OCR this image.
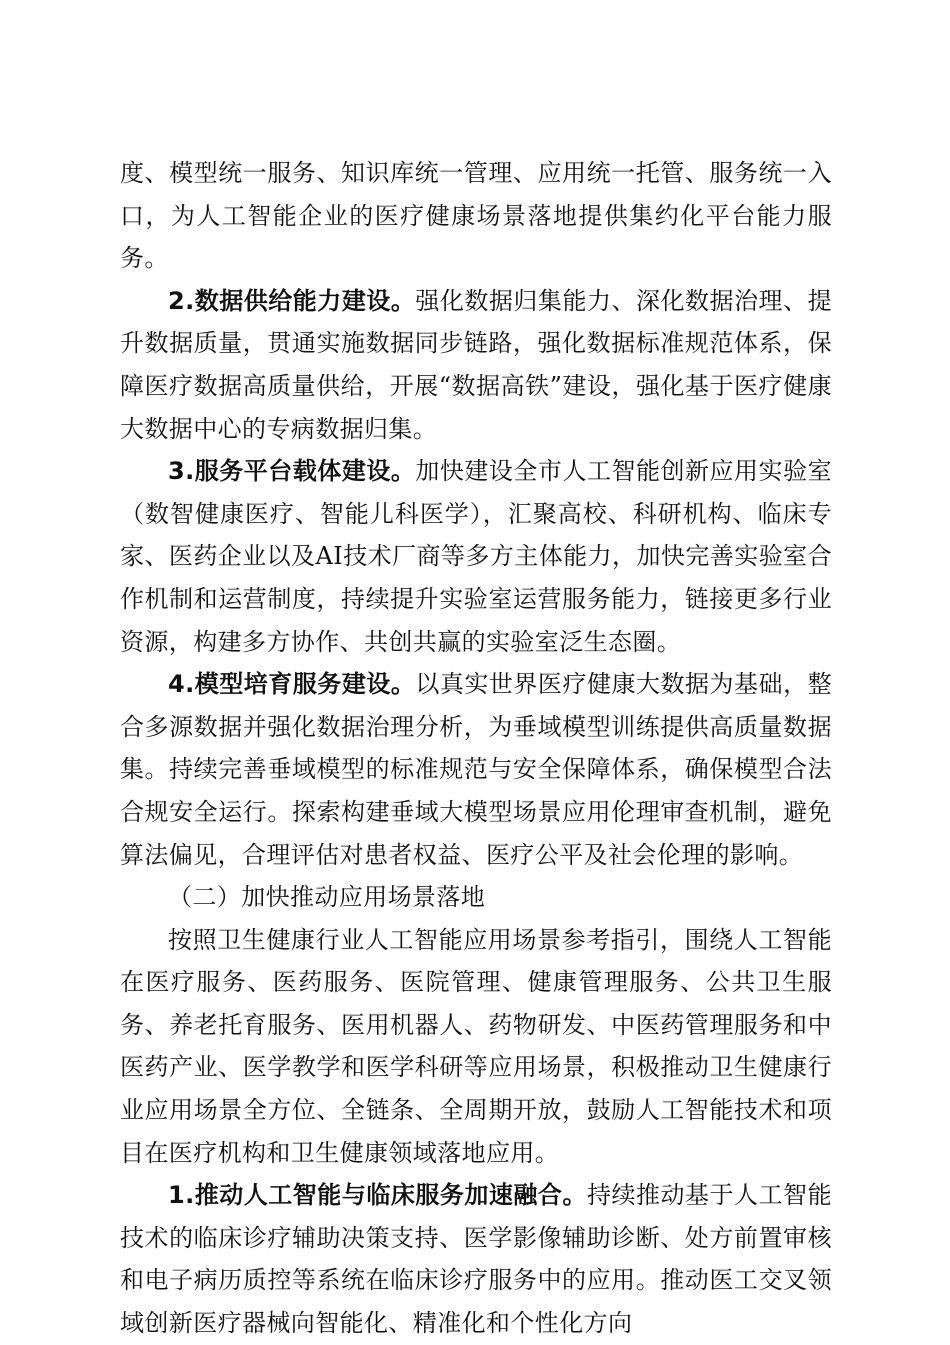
度、模型统一服务、知识库统一管理、应用统一托管、服务统一入口，为人工智能企业的医疗健康场景落地提供集约化平台能力服务。

2.数据供给能力建设。强化数据归集能力、深化数据治理、提升数据质量，贯通实施数据同步链路，强化数据标准规范体系，保障医疗数据高质量供给，开展“数据高铁”建设，强化基于医疗健康大数据中心的专病数据归集。

3.服务平台载体建设。加快建设全市人工智能创新应用实验室（数智健康医疗、智能儿科医学），汇聚高校、科研机构、临床专家、医药企业以及AI技术厂商等多方主体能力，加快完善实验室合作机制和运营制度，持续提升实验室运营服务能力，链接更多行业资源，构建多方协作、共创共赢的实验室泛生态圈。

4.模型培育服务建设。以真实世界医疗健康大数据为基础，整合多源数据并强化数据治理分析，为垂域模型训练提供高质量数据集。持续完善垂域模型的标准规范与安全保障体系，确保模型合法合规安全运行。探索构建垂域大模型场景应用伦理审查机制，避免算法偏见，合理评估对患者权益、医疗公平及社会伦理的影响。

（二）加快推动应用场景落地

按照卫生健康行业人工智能应用场景参考指引，围绕人工智能在医疗服务、医药服务、医院管理、健康管理服务、公共卫生服务、养老托育服务、医用机器人、药物研发、中医药管理服务和中医药产业、医学教学和医学科研等应用场景，积极推动卫生健康行业应用场景全方位、全链条、全周期开放，鼓励人工智能技术和项目在医疗机构和卫生健康领域落地应用。

1.推动人工智能与临床服务加速融合。持续推动基于人工智能技术的临床诊疗辅助决策支持、医学影像辅助诊断、处方前置审核和电子病历质控等系统在临床诊疗服务中的应用。推动医工交叉领域创新医疗器械向智能化、精准化和个性化方向
